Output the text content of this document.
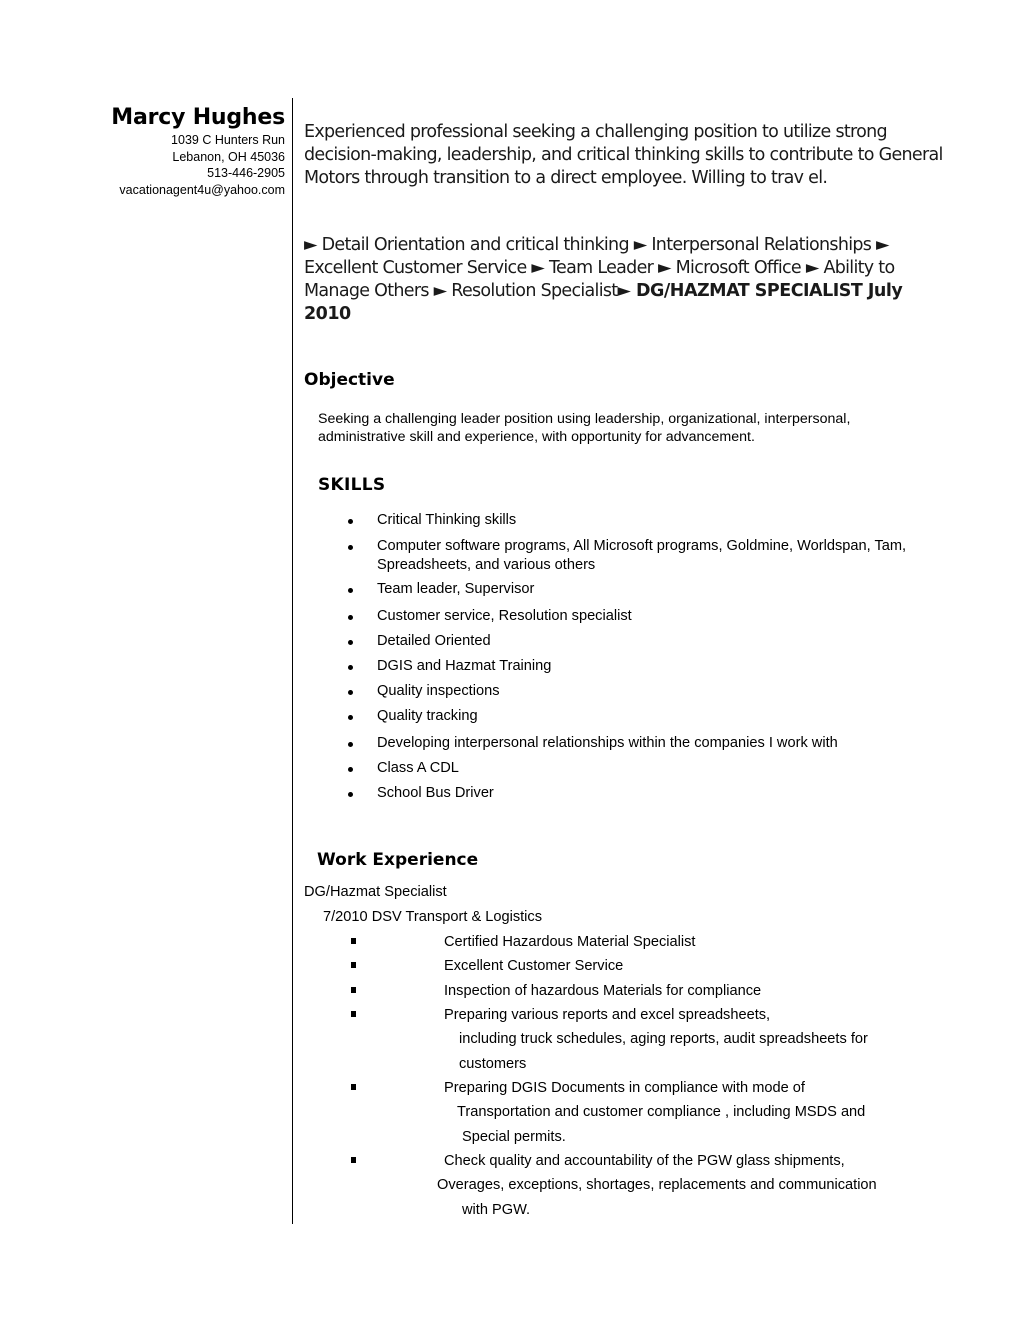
Marcy Hughes
1039 C Hunters Run
Lebanon, OH 45036
513-446-2905
vacationagent4u@yahoo.com

Experienced professional seeking a challenging position to utilize strong decision-making, leadership, and critical thinking skills to contribute to General Motors through transition to a direct employee. Willing to trav el.

► Detail Orientation and critical thinking ► Interpersonal Relationships ► Excellent Customer Service ► Team Leader ► Microsoft Office ► Ability to Manage Others ► Resolution Specialist► DG/HAZMAT SPECIALIST July 2010

Objective

Seeking a challenging leader position using leadership, organizational, interpersonal, administrative skill and experience, with opportunity for advancement.

SKILLS
Critical Thinking skills
Computer software programs, All Microsoft programs, Goldmine, Worldspan, Tam, Spreadsheets, and various others
Team leader, Supervisor
Customer service, Resolution specialist
Detailed Oriented
DGIS and Hazmat Training
Quality inspections
Quality tracking
Developing interpersonal relationships within the companies I work with
Class A CDL
School Bus Driver
Work Experience

DG/Hazmat Specialist

7/2010 DSV Transport & Logistics

Certified Hazardous Material Specialist
Excellent Customer Service
Inspection of hazardous Materials for compliance
Preparing various reports and excel spreadsheets,
including truck schedules, aging reports, audit spreadsheets for
customers
Preparing DGIS Documents in compliance with mode of
Transportation and customer compliance , including MSDS and
Special permits.
Check quality and accountability of the PGW glass shipments,
Overages, exceptions, shortages, replacements and communication
with PGW.
